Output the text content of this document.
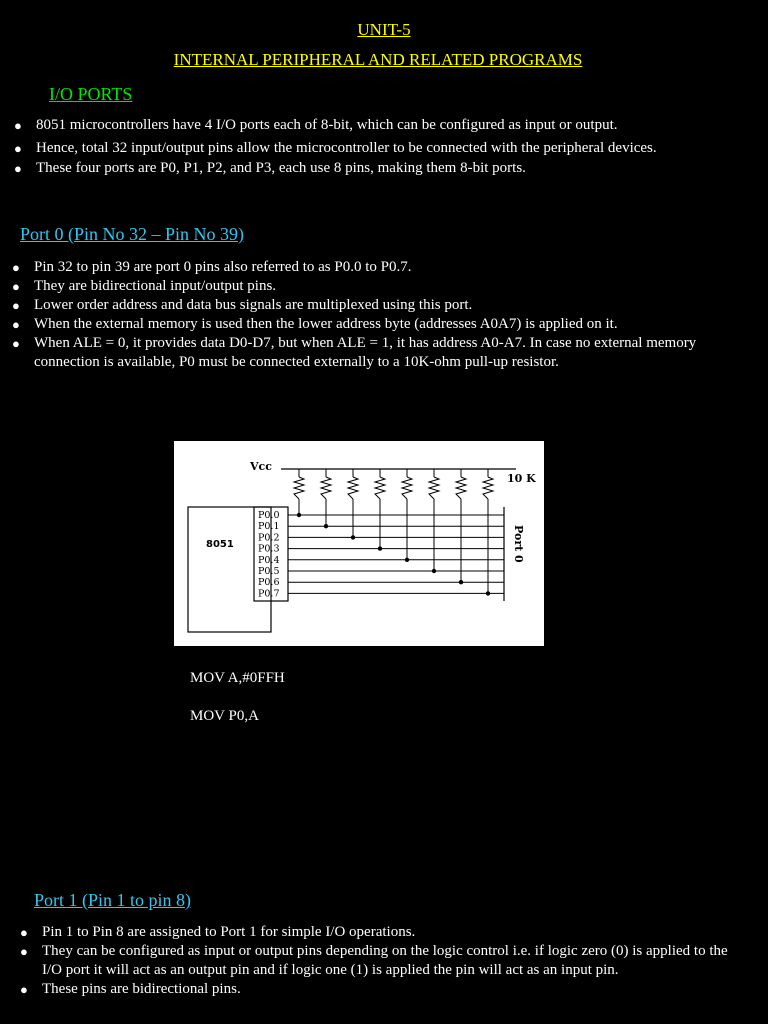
UNIT-5
INTERNAL PERIPHERAL AND RELATED PROGRAMS
I/O PORTS
● 8051 microcontrollers have 4 I/O ports each of 8-bit, which can be configured as input or output.
● Hence, total 32 input/output pins allow the microcontroller to be connected with the peripheral devices.
● These four ports are P0, P1, P2, and P3, each use 8 pins, making them 8-bit ports.
Port 0 (Pin No 32 – Pin No 39)
● Pin 32 to pin 39 are port 0 pins also referred to as P0.0 to P0.7.
● They are bidirectional input/output pins.
● Lower order address and data bus signals are multiplexed using this port.
● When the external memory is used then the lower address byte (addresses A0A7) is applied on it.
● When ALE = 0, it provides data D0-D7, but when ALE = 1, it has address A0-A7. In case no external memory connection is available, P0 must be connected externally to a 10K-ohm pull-up resistor.
P0.0
P0.1
P0.2
P0.3
P0.4
P0.5
P0.6
P0.7
Vcc
10 K
8051	Port 0
MOV A,#0FFH
MOV P0,A
Port 1 (Pin 1 to pin 8)
● Pin 1 to Pin 8 are assigned to Port 1 for simple I/O operations.
● They can be configured as input or output pins depending on the logic control i.e. if logic zero (0) is applied to the I/O port it will act as an output pin and if logic one (1) is applied the pin will act as an input pin.
● These pins are bidirectional pins.
